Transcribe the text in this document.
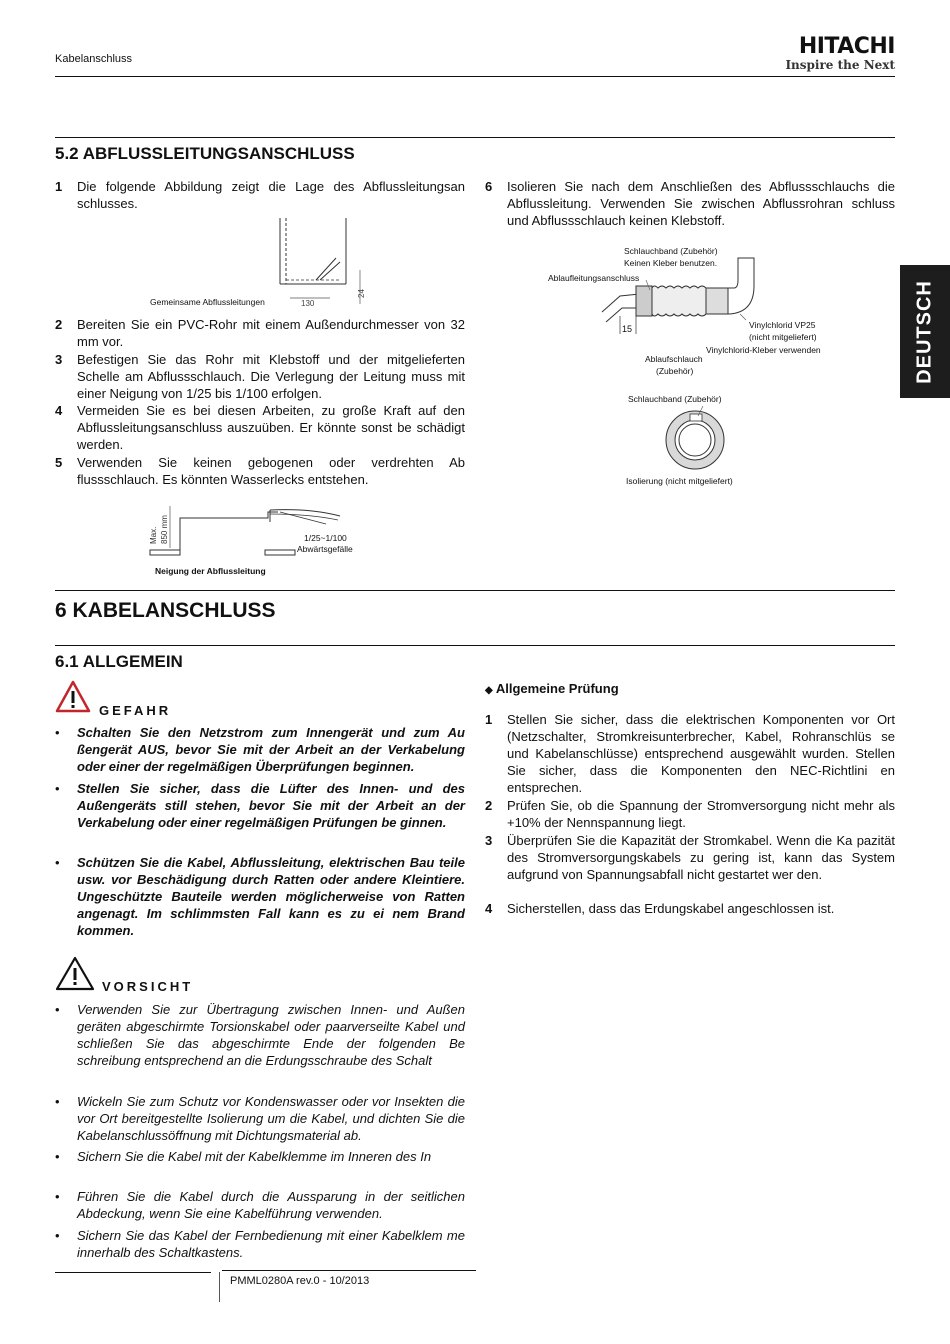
Kabelanschluss	HITACHI
Inspire the Next
DEUTSCH
5.2 ABFLUSSLEITUNGSANSCHLUSS
1 Die folgende Abbildung zeigt die Lage des Abflussleitungsan schlusses.
130
24
Gemeinsame Abflussleitungen
2 Bereiten Sie ein PVC-Rohr mit einem Außendurchmesser von 32 mm vor.
3 Befestigen Sie das Rohr mit Klebstoff und der mitgelieferten Schelle am Abflussschlauch. Die Verlegung der Leitung muss mit einer Neigung von 1/25 bis 1/100 erfolgen.
4 Vermeiden Sie es bei diesen Arbeiten, zu große Kraft auf den Abflussleitungsanschluss auszuüben. Er könnte sonst be schädigt werden.
5 Verwenden Sie keinen gebogenen oder verdrehten Ab flussschlauch. Es könnten Wasserlecks entstehen.
Max. 850 mm	1/25~1/100
Abwärtsgefälle
Neigung der Abflussleitung
6 Isolieren Sie nach dem Anschließen des Abflussschlauchs die Abflussleitung. Verwenden Sie zwischen Abflussrohran schluss und Abflussschlauch keinen Klebstoff.
Schlauchband (Zubehör)
Keinen Kleber benutzen.
Ablaufleitungsanschluss
15	Vinylchlorid VP25
(nicht mitgeliefert)
Vinylchlorid-Kleber verwenden
Ablaufschlauch
(Zubehör)
Schlauchband (Zubehör)
Isolierung (nicht mitgeliefert)
6 KABELANSCHLUSS
6.1 ALLGEMEIN
GEFAHR
• Schalten Sie den Netzstrom zum Innengerät und zum Au ßengerät AUS, bevor Sie mit der Arbeit an der Verkabelung oder einer der regelmäßigen Überprüfungen beginnen.
• Stellen Sie sicher, dass die Lüfter des Innen- und des Außengeräts still stehen, bevor Sie mit der Arbeit an der Verkabelung oder einer regelmäßigen Prüfungen be ginnen.
• Schützen Sie die Kabel, Abflussleitung, elektrischen Bau teile usw. vor Beschädigung durch Ratten oder andere Kleintiere. Ungeschützte Bauteile werden möglicherweise von Ratten angenagt. Im schlimmsten Fall kann es zu ei nem Brand kommen.
VORSICHT
• Verwenden Sie zur Übertragung zwischen Innen- und Außen geräten abgeschirmte Torsionskabel oder paarverseilte Kabel und schließen Sie das abgeschirmte Ende der folgenden Be schreibung entsprechend an die Erdungsschraube des Schalt
• Wickeln Sie zum Schutz vor Kondenswasser oder vor Insekten die vor Ort bereitgestellte Isolierung um die Kabel, und dichten Sie die Kabelanschlussöffnung mit Dichtungsmaterial ab.
• Sichern Sie die Kabel mit der Kabelklemme im Inneren des In
• Führen Sie die Kabel durch die Aussparung in der seitlichen Abdeckung, wenn Sie eine Kabelführung verwenden.
• Sichern Sie das Kabel der Fernbedienung mit einer Kabelklem me innerhalb des Schaltkastens.
◆ Allgemeine Prüfung
1 Stellen Sie sicher, dass die elektrischen Komponenten vor Ort (Netzschalter, Stromkreisunterbrecher, Kabel, Rohranschlüs se und Kabelanschlüsse) entsprechend ausgewählt wurden. Stellen Sie sicher, dass die Komponenten den NEC-Richtlini en entsprechen.
2 Prüfen Sie, ob die Spannung der Stromversorgung nicht mehr als +10% der Nennspannung liegt.
3 Überprüfen Sie die Kapazität der Stromkabel. Wenn die Ka pazität des Stromversorgungskabels zu gering ist, kann das System aufgrund von Spannungsabfall nicht gestartet wer den.
4 Sicherstellen, dass das Erdungskabel angeschlossen ist.
PMML0280A rev.0 - 10/2013
